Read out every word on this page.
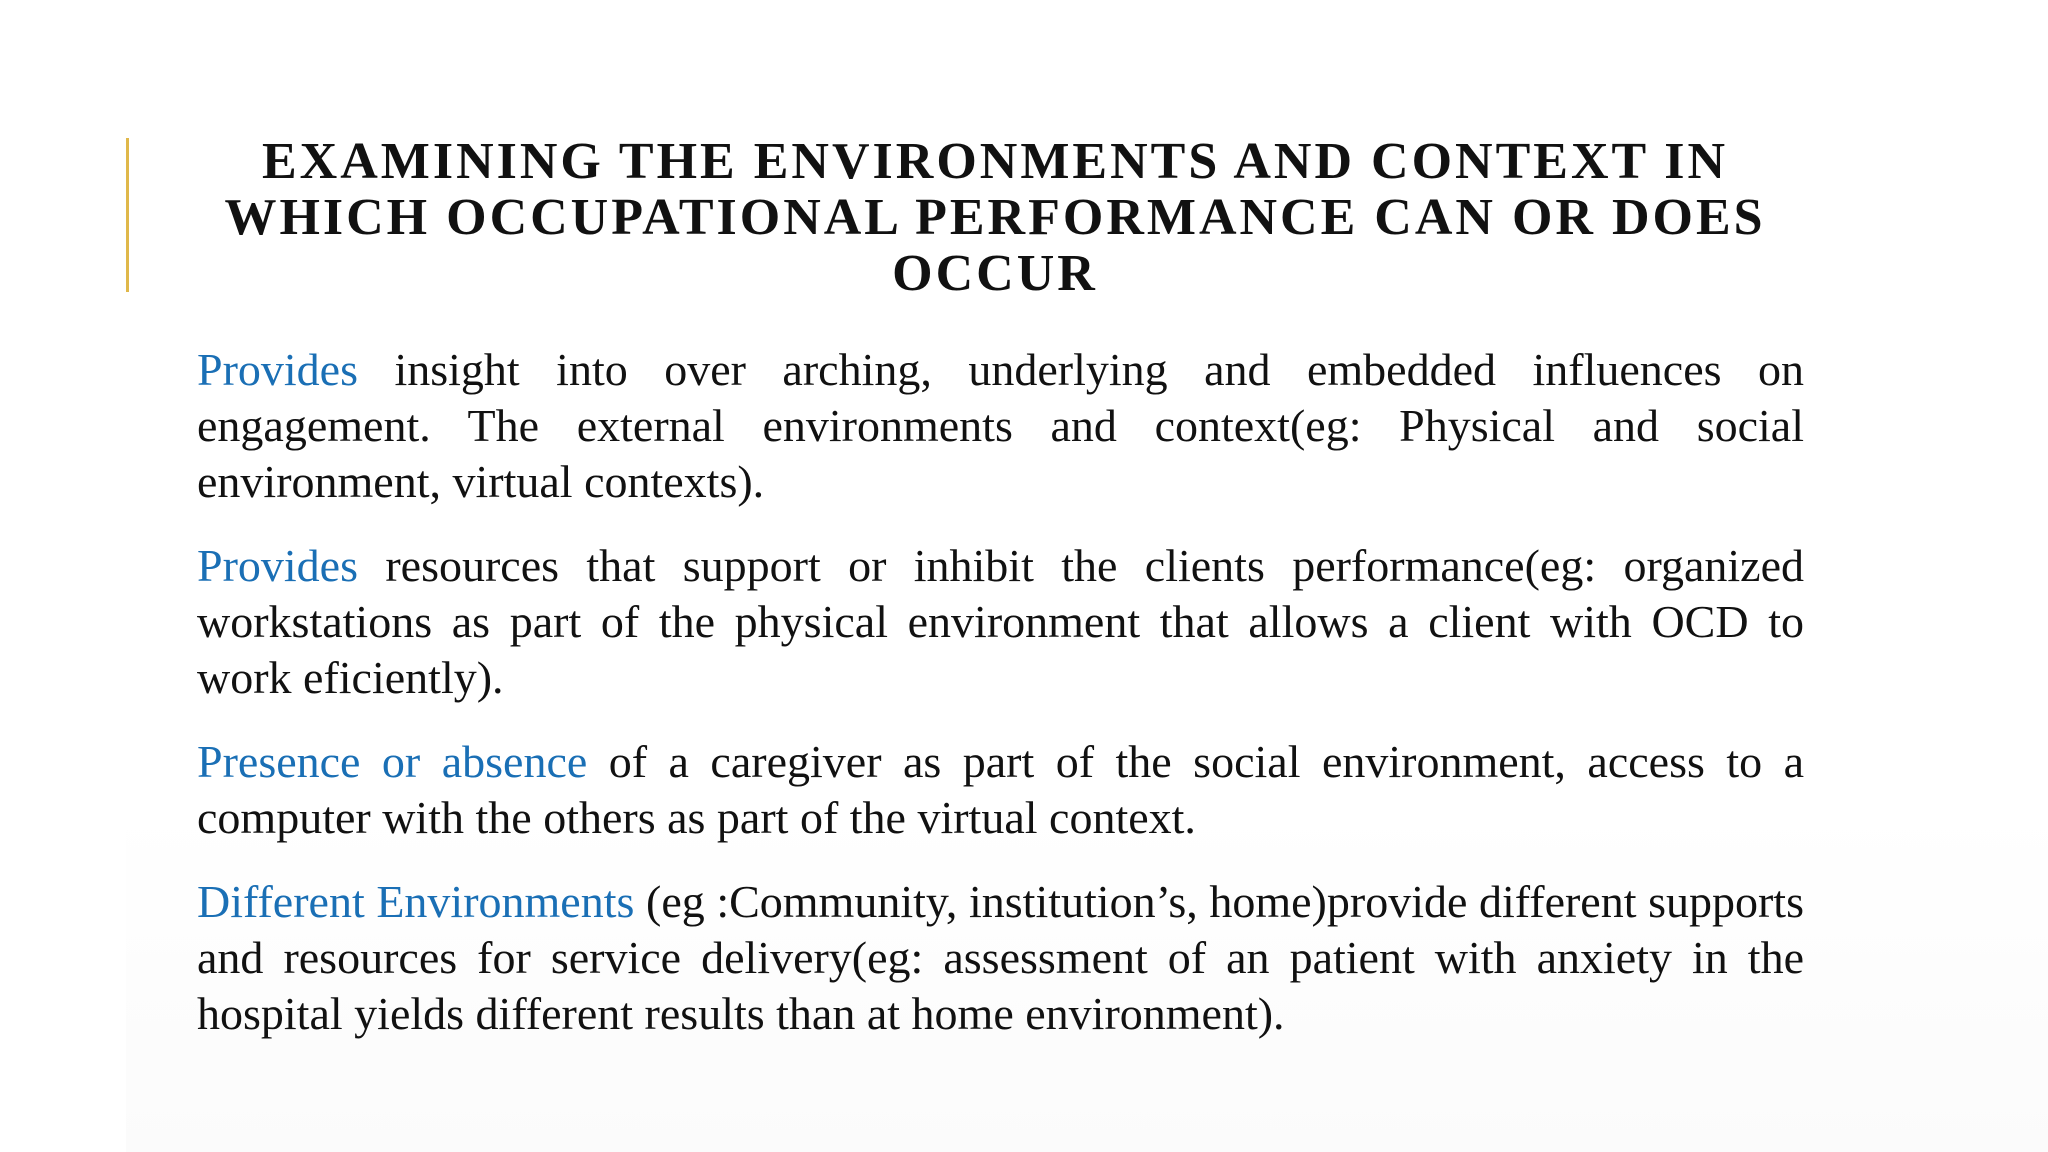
EXAMINING THE ENVIRONMENTS AND CONTEXT IN WHICH OCCUPATIONAL PERFORMANCE CAN OR DOES OCCUR

Provides insight into over arching, underlying and embedded influences on engagement. The external environments and context(eg: Physical and social environment, virtual contexts).

Provides resources that support or inhibit the clients performance(eg: organized workstations as part of the physical environment that allows a client with OCD to work eficiently).

Presence or absence of a caregiver as part of the social environment, access to a computer with the others as part of the virtual context.

Different Environments (eg :Community, institution’s, home)provide different supports and resources for service delivery(eg: assessment of an patient with anxiety in the hospital yields different results than at home environment).
